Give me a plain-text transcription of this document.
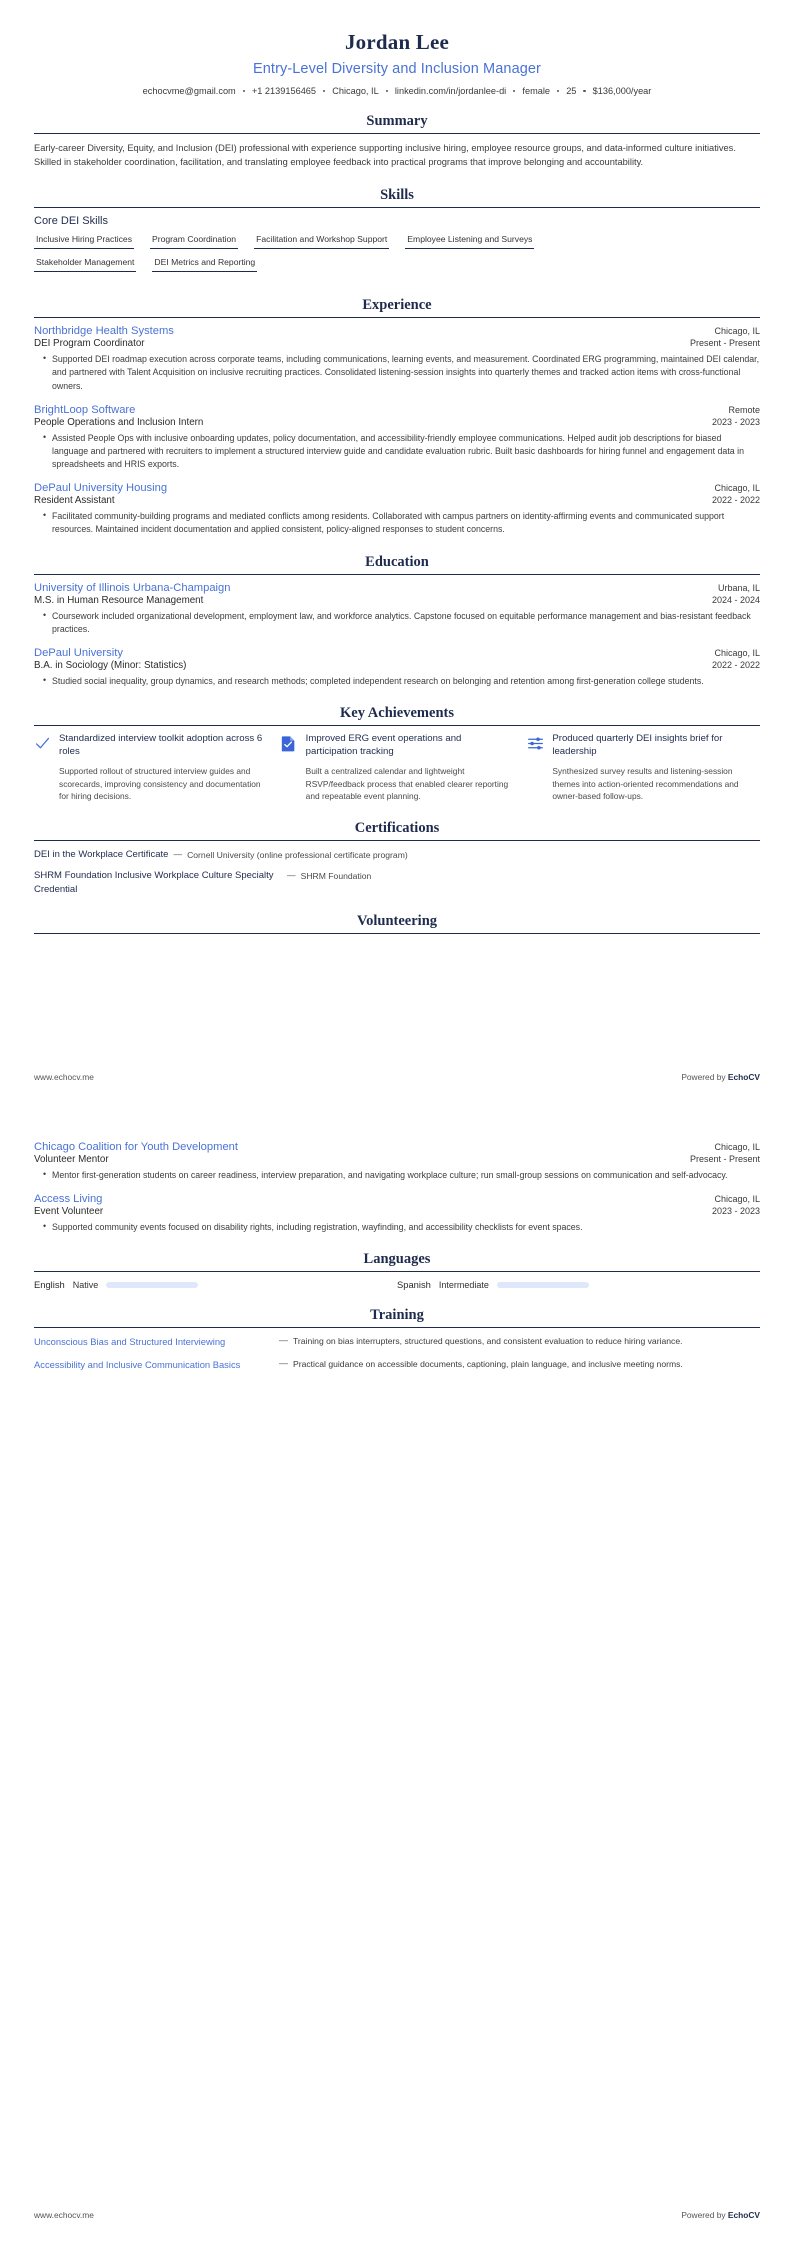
Jordan Lee
Entry-Level Diversity and Inclusion Manager
echocvme@gmail.com	+1 2139156465	Chicago, IL	linkedin.com/in/jordanlee-di	female	25	$136,000/year
Summary
Early-career Diversity, Equity, and Inclusion (DEI) professional with experience supporting inclusive hiring, employee resource groups, and data-informed culture initiatives. Skilled in stakeholder coordination, facilitation, and translating employee feedback into practical programs that improve belonging and accountability.
Skills
Core DEI Skills
Inclusive Hiring Practices Program Coordination Facilitation and Workshop Support Employee Listening and Surveys
Stakeholder Management DEI Metrics and Reporting
Experience
Northbridge Health Systems	Chicago, IL
DEI Program Coordinator	Present - Present
• Supported DEI roadmap execution across corporate teams, including communications, learning events, and measurement. Coordinated ERG programming, maintained DEI calendar, and partnered with Talent Acquisition on inclusive recruiting practices. Consolidated listening-session insights into quarterly themes and tracked action items with cross-functional owners.
BrightLoop Software	Remote
People Operations and Inclusion Intern	2023 - 2023
• Assisted People Ops with inclusive onboarding updates, policy documentation, and accessibility-friendly employee communications. Helped audit job descriptions for biased language and partnered with recruiters to implement a structured interview guide and candidate evaluation rubric. Built basic dashboards for hiring funnel and engagement data in spreadsheets and HRIS exports.
DePaul University Housing	Chicago, IL
Resident Assistant	2022 - 2022
• Facilitated community-building programs and mediated conflicts among residents. Collaborated with campus partners on identity-affirming events and communicated support resources. Maintained incident documentation and applied consistent, policy-aligned responses to student concerns.
Education
University of Illinois Urbana-Champaign	Urbana, IL
M.S. in Human Resource Management	2024 - 2024
• Coursework included organizational development, employment law, and workforce analytics. Capstone focused on equitable performance management and bias-resistant feedback practices.
DePaul University	Chicago, IL
B.A. in Sociology (Minor: Statistics)	2022 - 2022
• Studied social inequality, group dynamics, and research methods; completed independent research on belonging and retention among first-generation college students.
Key Achievements
Standardized interview toolkit adoption across 6 roles
Supported rollout of structured interview guides and scorecards, improving consistency and documentation for hiring decisions.
Improved ERG event operations and participation tracking
Built a centralized calendar and lightweight RSVP/feedback process that enabled clearer reporting and repeatable event planning.
Produced quarterly DEI insights brief for leadership
Synthesized survey results and listening-session themes into action-oriented recommendations and owner-based follow-ups.
Certifications
DEI in the Workplace Certificate — Cornell University (online professional certificate program)
SHRM Foundation Inclusive Workplace Culture Specialty Credential
— SHRM Foundation
Volunteering
www.echocv.me	Powered by EchoCV
Chicago Coalition for Youth Development	Chicago, IL
Volunteer Mentor	Present - Present
• Mentor first-generation students on career readiness, interview preparation, and navigating workplace culture; run small-group sessions on communication and self-advocacy.
Access Living	Chicago, IL
Event Volunteer	2023 - 2023
• Supported community events focused on disability rights, including registration, wayfinding, and accessibility checklists for event spaces.
Languages
English Native	Spanish Intermediate
Training
Unconscious Bias and Structured Interviewing	— Training on bias interrupters, structured questions, and consistent evaluation to reduce hiring variance.
Accessibility and Inclusive Communication Basics	— Practical guidance on accessible documents, captioning, plain language, and inclusive meeting norms.
www.echocv.me	Powered by EchoCV
